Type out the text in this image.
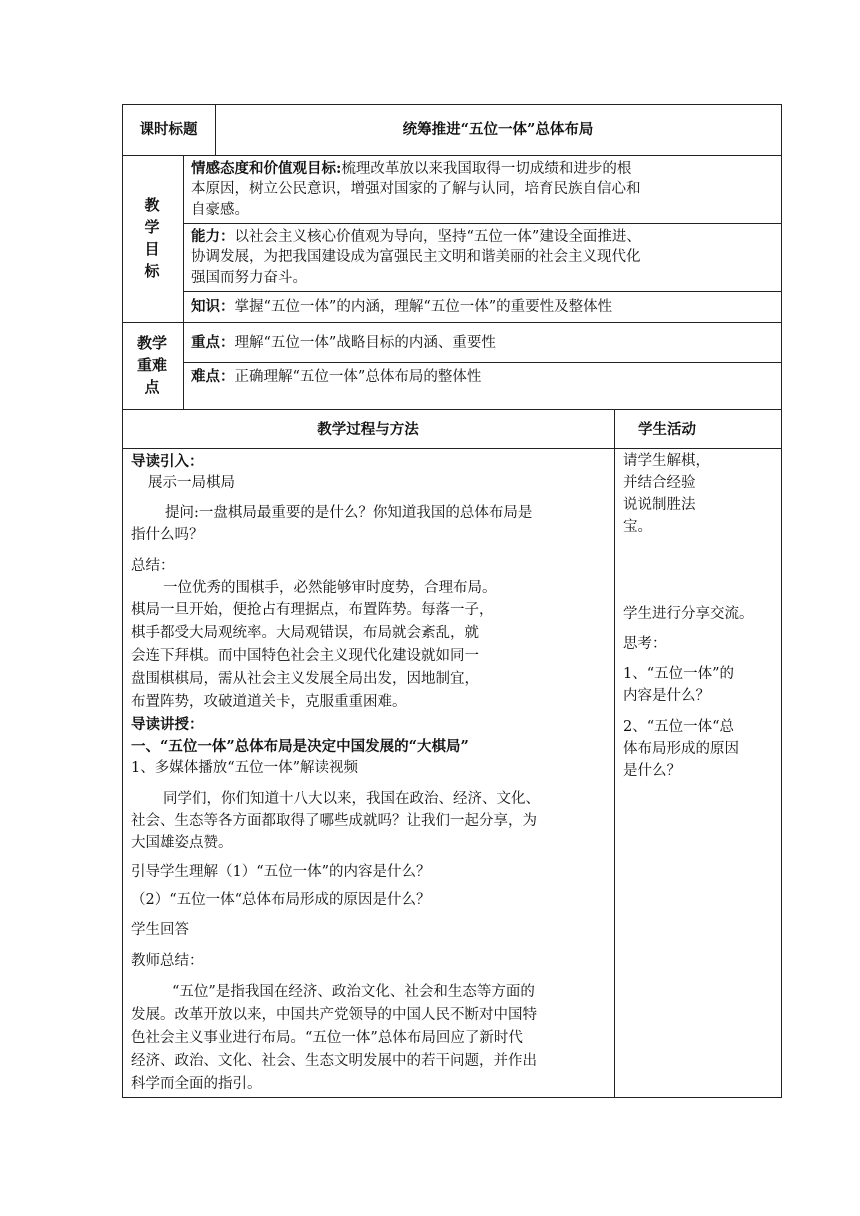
课时标题	统筹推进“五位一体”总体布局
教
学
目
标
情感态度和价值观目标:梳理改革放以来我国取得一切成绩和进步的根
本原因，树立公民意识，增强对国家的了解与认同，培育民族自信心和
自豪感。
能力：以社会主义核心价值观为导向，坚持“五位一体”建设全面推进、
协调发展，为把我国建设成为富强民主文明和谐美丽的社会主义现代化
强国而努力奋斗。
知识：掌握“五位一体”的内涵，理解“五位一体”的重要性及整体性
教学
重难
点
重点：理解“五位一体”战略目标的内涵、重要性
难点：正确理解“五位一体”总体布局的整体性
教学过程与方法	学生活动
导读引入：
展示一局棋局
提问:一盘棋局最重要的是什么？你知道我国的总体布局是
指什么吗？
总结：
一位优秀的围棋手，必然能够审时度势，合理布局。
棋局一旦开始，便抢占有理据点，布置阵势。每落一子，
棋手都受大局观统率。大局观错误，布局就会紊乱，就
会连下拜棋。而中国特色社会主义现代化建设就如同一
盘围棋棋局，需从社会主义发展全局出发，因地制宜，
布置阵势，攻破道道关卡，克服重重困难。
导读讲授：
一、“五位一体”总体布局是决定中国发展的“大棋局”
1、多媒体播放“五位一体”解读视频
同学们，你们知道十八大以来，我国在政治、经济、文化、
社会、生态等各方面都取得了哪些成就吗？让我们一起分享，为
大国雄姿点赞。
引导学生理解（1）“五位一体”的内容是什么？
（2）“五位一体“总体布局形成的原因是什么？
学生回答
教师总结：
“五位”是指我国在经济、政治文化、社会和生态等方面的
发展。改革开放以来，中国共产党领导的中国人民不断对中国特
色社会主义事业进行布局。“五位一体”总体布局回应了新时代
经济、政治、文化、社会、生态文明发展中的若干问题，并作出
科学而全面的指引。
请学生解棋，
并结合经验
说说制胜法
宝。
学生进行分享交流。
思考：
1、“五位一体”的
内容是什么？
2、“五位一体“总
体布局形成的原因
是什么？
